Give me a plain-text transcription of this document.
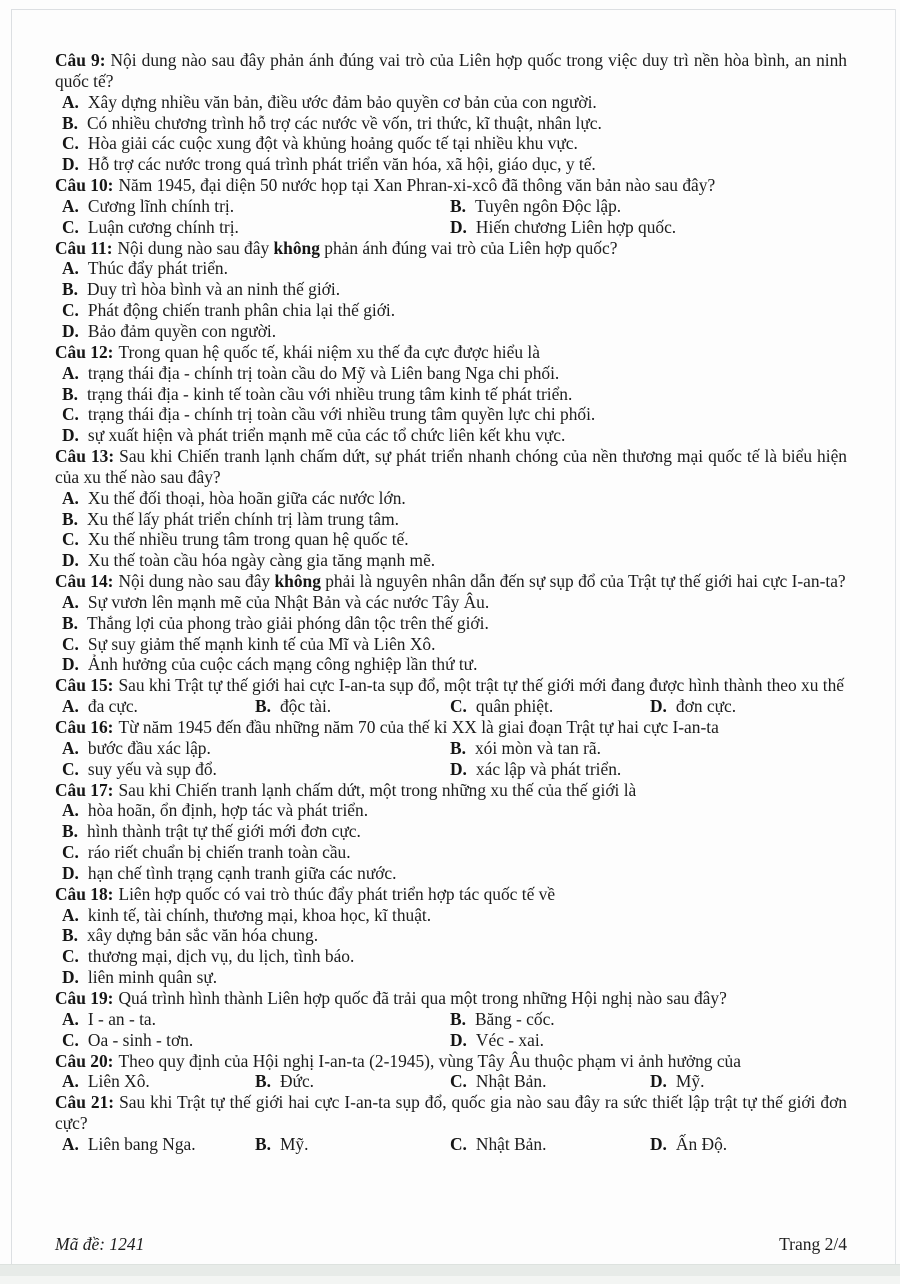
Câu 9: Nội dung nào sau đây phản ánh đúng vai trò của Liên hợp quốc trong việc duy trì nền hòa bình, an ninh quốc tế?

A. Xây dựng nhiều văn bản, điều ước đảm bảo quyền cơ bản của con người.
B. Có nhiều chương trình hỗ trợ các nước về vốn, tri thức, kĩ thuật, nhân lực.
C. Hòa giải các cuộc xung đột và khủng hoảng quốc tế tại nhiều khu vực.
D. Hỗ trợ các nước trong quá trình phát triển văn hóa, xã hội, giáo dục, y tế.

Câu 10: Năm 1945, đại diện 50 nước họp tại Xan Phran-xi-xcô đã thông văn bản nào sau đây?

A. Cương lĩnh chính trị.	B. Tuyên ngôn Độc lập.
C. Luận cương chính trị.	D. Hiến chương Liên hợp quốc.

Câu 11: Nội dung nào sau đây không phản ánh đúng vai trò của Liên hợp quốc?

A. Thúc đẩy phát triển.
B. Duy trì hòa bình và an ninh thế giới.
C. Phát động chiến tranh phân chia lại thế giới.
D. Bảo đảm quyền con người.

Câu 12: Trong quan hệ quốc tế, khái niệm xu thế đa cực được hiểu là

A. trạng thái địa - chính trị toàn cầu do Mỹ và Liên bang Nga chi phối.
B. trạng thái địa - kinh tế toàn cầu với nhiều trung tâm kinh tế phát triển.
C. trạng thái địa - chính trị toàn cầu với nhiều trung tâm quyền lực chi phối.
D. sự xuất hiện và phát triển mạnh mẽ của các tổ chức liên kết khu vực.

Câu 13: Sau khi Chiến tranh lạnh chấm dứt, sự phát triển nhanh chóng của nền thương mại quốc tế là biểu hiện của xu thế nào sau đây?

A. Xu thế đối thoại, hòa hoãn giữa các nước lớn.
B. Xu thế lấy phát triển chính trị làm trung tâm.
C. Xu thế nhiều trung tâm trong quan hệ quốc tế.
D. Xu thế toàn cầu hóa ngày càng gia tăng mạnh mẽ.

Câu 14: Nội dung nào sau đây không phải là nguyên nhân dẫn đến sự sụp đổ của Trật tự thế giới hai cực I-an-ta?

A. Sự vươn lên mạnh mẽ của Nhật Bản và các nước Tây Âu.
B. Thắng lợi của phong trào giải phóng dân tộc trên thế giới.
C. Sự suy giảm thế mạnh kinh tế của Mĩ và Liên Xô.
D. Ảnh hưởng của cuộc cách mạng công nghiệp lần thứ tư.

Câu 15: Sau khi Trật tự thế giới hai cực I-an-ta sụp đổ, một trật tự thế giới mới đang được hình thành theo xu thế

A. đa cực.	B. độc tài.	C. quân phiệt.	D. đơn cực.

Câu 16: Từ năm 1945 đến đầu những năm 70 của thế kỉ XX là giai đoạn Trật tự hai cực I-an-ta

A. bước đầu xác lập.	B. xói mòn và tan rã.
C. suy yếu và sụp đổ.	D. xác lập và phát triển.

Câu 17: Sau khi Chiến tranh lạnh chấm dứt, một trong những xu thế của thế giới là

A. hòa hoãn, ổn định, hợp tác và phát triển.
B. hình thành trật tự thế giới mới đơn cực.
C. ráo riết chuẩn bị chiến tranh toàn cầu.
D. hạn chế tình trạng cạnh tranh giữa các nước.

Câu 18: Liên hợp quốc có vai trò thúc đẩy phát triển hợp tác quốc tế về

A. kinh tế, tài chính, thương mại, khoa học, kĩ thuật.
B. xây dựng bản sắc văn hóa chung.
C. thương mại, dịch vụ, du lịch, tình báo.
D. liên minh quân sự.

Câu 19: Quá trình hình thành Liên hợp quốc đã trải qua một trong những Hội nghị nào sau đây?

A. I - an - ta.	B. Băng - cốc.
C. Oa - sinh - tơn.	D. Véc - xai.

Câu 20: Theo quy định của Hội nghị I-an-ta (2-1945), vùng Tây Âu thuộc phạm vi ảnh hưởng của

A. Liên Xô.	B. Đức.	C. Nhật Bản.	D. Mỹ.

Câu 21: Sau khi Trật tự thế giới hai cực I-an-ta sụp đổ, quốc gia nào sau đây ra sức thiết lập trật tự thế giới đơn cực?

A. Liên bang Nga.	B. Mỹ.	C. Nhật Bản.	D. Ấn Độ.
Mã đề: 1241	Trang 2/4
